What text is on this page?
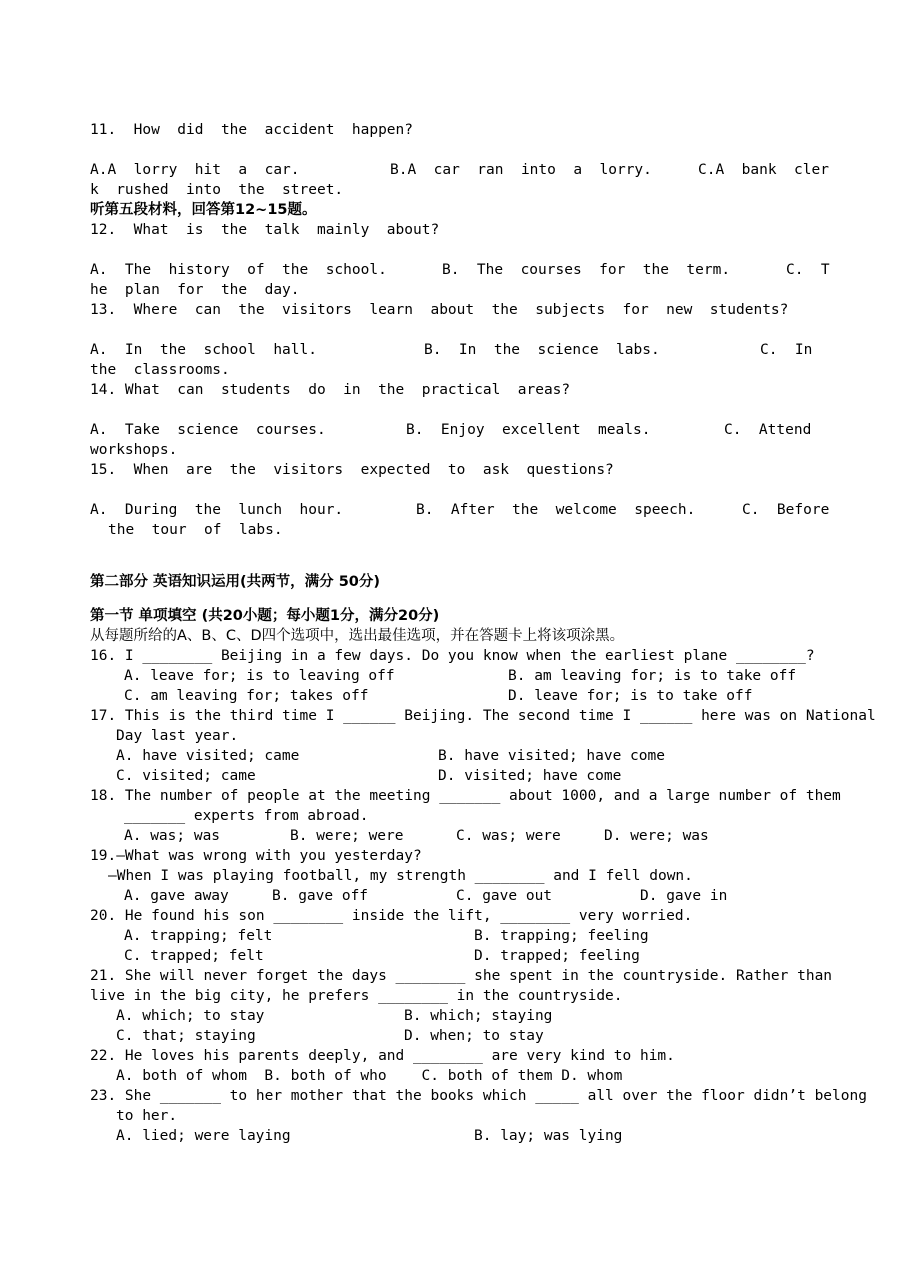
11.  How  did  the  accident  happen?
A.A  lorry  hit  a  car.	B.A  car  ran  into  a  lorry.	C.A  bank  cler
k  rushed  into  the  street.
听第五段材料，回答第12~15题。
12.  What  is  the  talk  mainly  about?
A.  The  history  of  the  school.	B.  The  courses  for  the  term.	C.  T
he  plan  for  the  day.
13.  Where  can  the  visitors  learn  about  the  subjects  for  new  students?
A.  In  the  school  hall.	B.  In  the  science  labs.	C.  In
the  classrooms.
14. What  can  students  do  in  the  practical  areas?
A.  Take  science  courses.	B.  Enjoy  excellent  meals.	C.  Attend
workshops.
15.  When  are  the  visitors  expected  to  ask  questions?
A.  During  the  lunch  hour.	B.  After  the  welcome  speech.	C.  Before
the  tour  of  labs.
第二部分 英语知识运用(共两节，满分 50分)
第一节 单项填空 (共20小题；每小题1分，满分20分)
从每题所给的A、B、C、D四个选项中，选出最佳选项，并在答题卡上将该项涂黑。
16. I ________ Beijing in a few days. Do you know when the earliest plane ________?
A. leave for; is to leaving off	B. am leaving for; is to take off
C. am leaving for; takes off	D. leave for; is to take off
17. This is the third time I ______ Beijing. The second time I ______ here was on National
Day last year.
A. have visited; came	B. have visited; have come
C. visited; came	D. visited; have come
18. The number of people at the meeting _______ about 1000, and a large number of them
_______ experts from abroad.
A. was; was	B. were; were	C. was; were	D. were; was
19.—What was wrong with you yesterday?
—When I was playing football, my strength ________ and I fell down.
A. gave away	B. gave off	C. gave out	D. gave in
20. He found his son ________ inside the lift, ________ very worried.
A. trapping; felt	B. trapping; feeling
C. trapped; felt	D. trapped; feeling
21. She will never forget the days ________ she spent in the countryside. Rather than
live in the big city, he prefers ________ in the countryside.
A. which; to stay	B. which; staying
C. that; staying	D. when; to stay
22. He loves his parents deeply, and ________ are very kind to him.
A. both of whom  B. both of who    C. both of them D. whom
23. She _______ to her mother that the books which _____ all over the floor didn’t belong
to her.
A. lied; were laying	B. lay; was lying
